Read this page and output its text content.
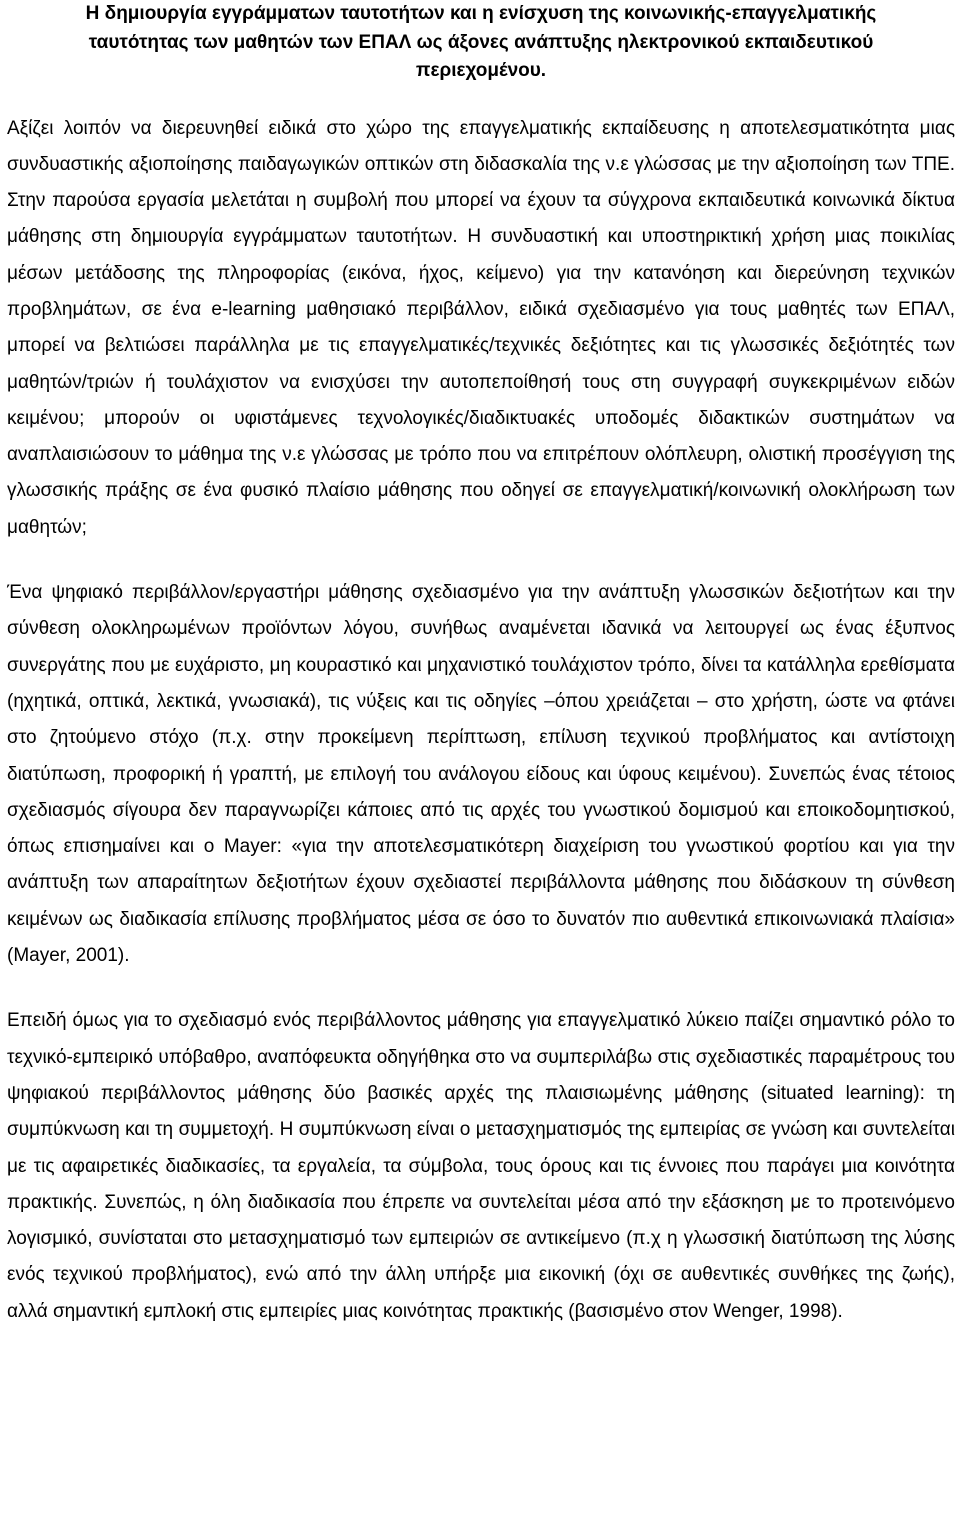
Η δημιουργία εγγράμματων ταυτοτήτων και η ενίσχυση της κοινωνικής-επαγγελματικής

ταυτότητας των μαθητών των ΕΠΑΛ ως άξονες ανάπτυξης ηλεκτρονικού εκπαιδευτικού

περιεχομένου.

Αξίζει λοιπόν να διερευνηθεί ειδικά στο χώρο της επαγγελματικής εκπαίδευσης η αποτελεσματικότητα μιας συνδυαστικής αξιοποίησης παιδαγωγικών οπτικών στη διδασκαλία της ν.ε γλώσσας με την αξιοποίηση των ΤΠΕ. Στην παρούσα εργασία μελετάται η συμβολή που μπορεί να έχουν τα σύγχρονα εκπαιδευτικά κοινωνικά δίκτυα μάθησης στη δημιουργία εγγράμματων ταυτοτήτων. Η συνδυαστική και υποστηρικτική χρήση μιας ποικιλίας μέσων μετάδοσης της πληροφορίας (εικόνα, ήχος, κείμενο) για την κατανόηση και διερεύνηση τεχνικών προβλημάτων, σε ένα e-learning μαθησιακό περιβάλλον, ειδικά σχεδιασμένο για τους μαθητές των ΕΠΑΛ, μπορεί να βελτιώσει παράλληλα με τις επαγγελματικές/τεχνικές δεξιότητες και τις γλωσσικές δεξιότητές των μαθητών/τριών ή τουλάχιστον να ενισχύσει την αυτοπεποίθησή τους στη συγγραφή συγκεκριμένων ειδών κειμένου; μπορούν οι υφιστάμενες τεχνολογικές/διαδικτυακές υποδομές διδακτικών συστημάτων να αναπλαισιώσουν το μάθημα της ν.ε γλώσσας με τρόπο που να επιτρέπουν ολόπλευρη, ολιστική προσέγγιση της γλωσσικής πράξης σε ένα φυσικό πλαίσιο μάθησης που οδηγεί σε επαγγελματική/κοινωνική ολοκλήρωση των μαθητών;

Ένα ψηφιακό περιβάλλον/εργαστήρι μάθησης σχεδιασμένο για την ανάπτυξη γλωσσικών δεξιοτήτων και την σύνθεση ολοκληρωμένων προϊόντων λόγου, συνήθως αναμένεται ιδανικά να λειτουργεί ως ένας έξυπνος συνεργάτης που με ευχάριστο, μη κουραστικό και μηχανιστικό τουλάχιστον τρόπο, δίνει τα κατάλληλα ερεθίσματα (ηχητικά, οπτικά, λεκτικά, γνωσιακά), τις νύξεις και τις οδηγίες –όπου χρειάζεται – στο χρήστη, ώστε να φτάνει στο ζητούμενο στόχο (π.χ. στην προκείμενη περίπτωση, επίλυση τεχνικού προβλήματος και αντίστοιχη διατύπωση, προφορική ή γραπτή, με επιλογή του ανάλογου είδους και ύφους κειμένου). Συνεπώς ένας τέτοιος σχεδιασμός σίγουρα δεν παραγνωρίζει κάποιες από τις αρχές του γνωστικού δομισμού και εποικοδομητισκού, όπως επισημαίνει και ο Mayer: «για την αποτελεσματικότερη διαχείριση του γνωστικού φορτίου και για την ανάπτυξη των απαραίτητων δεξιοτήτων έχουν σχεδιαστεί περιβάλλοντα μάθησης που διδάσκουν τη σύνθεση κειμένων ως διαδικασία επίλυσης προβλήματος μέσα σε όσο το δυνατόν πιο αυθεντικά επικοινωνιακά πλαίσια» (Mayer, 2001).

Επειδή όμως για το σχεδιασμό ενός περιβάλλοντος μάθησης για επαγγελματικό λύκειο παίζει σημαντικό ρόλο το τεχνικό-εμπειρικό υπόβαθρο, αναπόφευκτα οδηγήθηκα στο να συμπεριλάβω στις σχεδιαστικές παραμέτρους του ψηφιακού περιβάλλοντος μάθησης δύο βασικές αρχές της πλαισιωμένης μάθησης (situated learning): τη συμπύκνωση και τη συμμετοχή. Η συμπύκνωση είναι ο μετασχηματισμός της εμπειρίας σε γνώση και συντελείται με τις αφαιρετικές διαδικασίες, τα εργαλεία, τα σύμβολα, τους όρους και τις έννοιες που παράγει μια κοινότητα πρακτικής. Συνεπώς, η όλη διαδικασία που έπρεπε να συντελείται μέσα από την εξάσκηση με το προτεινόμενο λογισμικό, συνίσταται στο μετασχηματισμό των εμπειριών σε αντικείμενο (π.χ η γλωσσική διατύπωση της λύσης ενός τεχνικού προβλήματος), ενώ από την άλλη υπήρξε μια εικονική (όχι σε αυθεντικές συνθήκες της ζωής), αλλά σημαντική εμπλοκή στις εμπειρίες μιας κοινότητας πρακτικής (βασισμένο στον Wenger, 1998).
